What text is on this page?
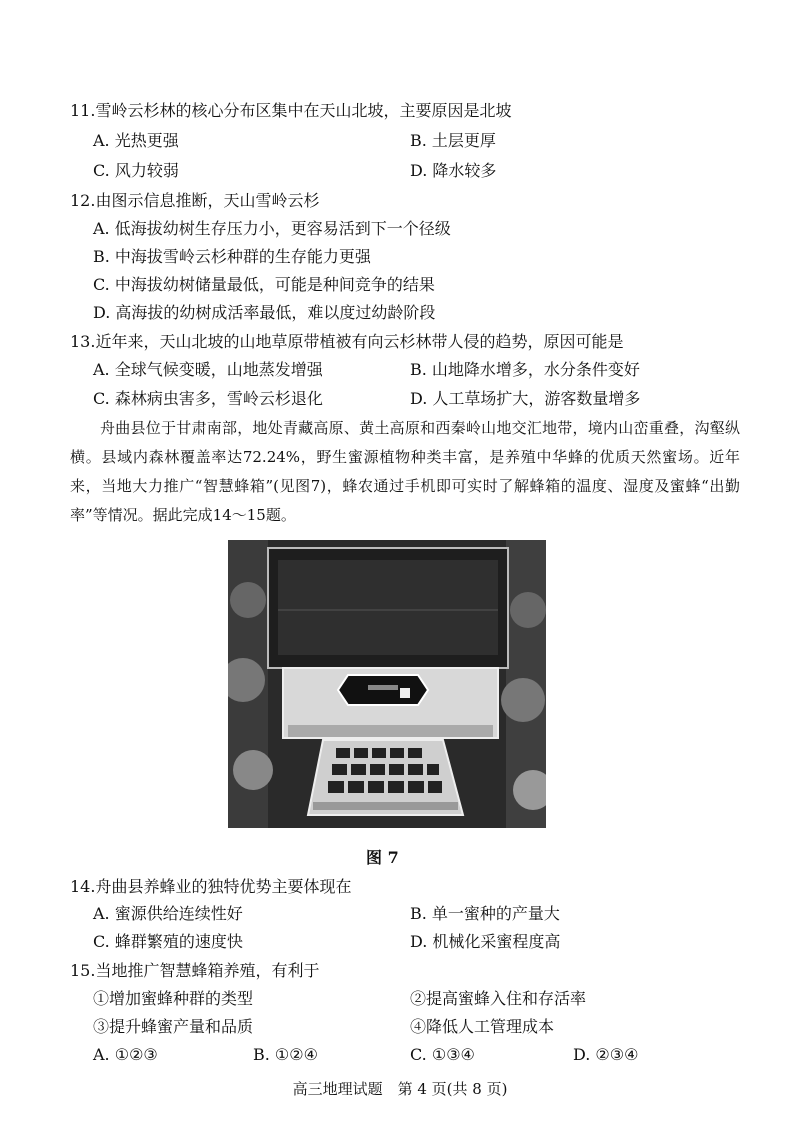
11.雪岭云杉林的核心分布区集中在天山北坡，主要原因是北坡
A. 光热更强	B. 土层更厚
C. 风力较弱	D. 降水较多
12.由图示信息推断，天山雪岭云杉
A. 低海拔幼树生存压力小，更容易活到下一个径级
B. 中海拔雪岭云杉种群的生存能力更强
C. 中海拔幼树储量最低，可能是种间竞争的结果
D. 高海拔的幼树成活率最低，难以度过幼龄阶段
13.近年来，天山北坡的山地草原带植被有向云杉林带人侵的趋势，原因可能是
A. 全球气候变暖，山地蒸发增强	B. 山地降水增多，水分条件变好
C. 森林病虫害多，雪岭云杉退化	D. 人工草场扩大，游客数量增多

舟曲县位于甘肃南部，地处青藏高原、黄土高原和西秦岭山地交汇地带，境内山峦重叠，沟壑纵横。县域内森林覆盖率达72.24%，野生蜜源植物种类丰富，是养殖中华蜂的优质天然蜜场。近年来，当地大力推广“智慧蜂箱”(见图7)，蜂农通过手机即可实时了解蜂箱的温度、湿度及蜜蜂“出勤率”等情况。据此完成14～15题。

图 7
14.舟曲县养蜂业的独特优势主要体现在
A. 蜜源供给连续性好	B. 单一蜜种的产量大
C. 蜂群繁殖的速度快	D. 机械化采蜜程度高
15.当地推广智慧蜂箱养殖，有利于
①增加蜜蜂种群的类型	②提高蜜蜂入住和存活率
③提升蜂蜜产量和品质	④降低人工管理成本
A. ①②③	B. ①②④	C. ①③④	D. ②③④
高三地理试题　第 4 页(共 8 页)
